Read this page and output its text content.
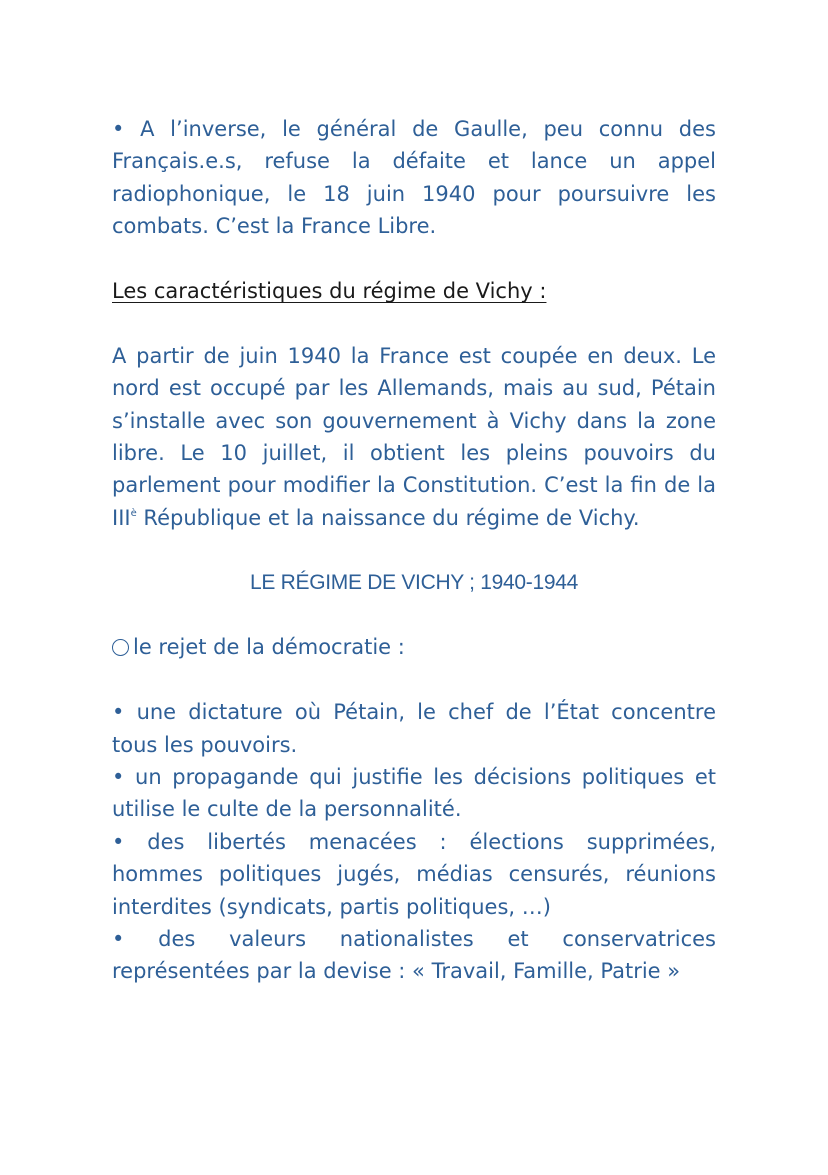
• A l’inverse, le général de Gaulle, peu connu des Français.e.s, refuse la défaite et lance un appel radiophonique, le 18 juin 1940 pour poursuivre les combats. C’est la France Libre.

Les caractéristiques du régime de Vichy :

A partir de juin 1940 la France est coupée en deux. Le nord est occupé par les Allemands, mais au sud, Pétain s’installe avec son gouvernement à Vichy dans la zone libre. Le 10 juillet, il obtient les pleins pouvoirs du parlement pour modifier la Constitution. C’est la fin de la $III^è$ République et la naissance du régime de Vichy.

LE RÉGIME DE VICHY ; 1940-1944

le rejet de la démocratie :

• une dictature où Pétain, le chef de l’État concentre tous les pouvoirs.

• un propagande qui justifie les décisions politiques et utilise le culte de la personnalité.

• des libertés menacées : élections supprimées, hommes politiques jugés, médias censurés, réunions interdites (syndicats, partis politiques, …)

• des valeurs nationalistes et conservatrices représentées par la devise : « Travail, Famille, Patrie »
